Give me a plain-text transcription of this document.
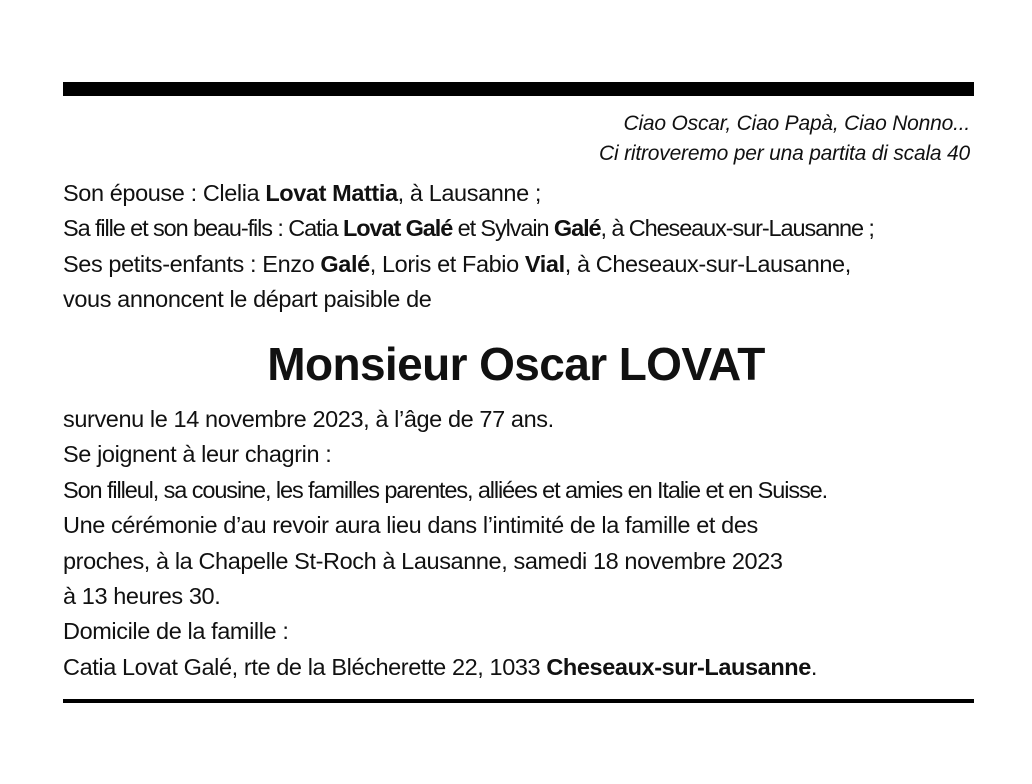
Ciao Oscar, Ciao Papà, Ciao Nonno...
Ci ritroveremo per una partita di scala 40
Son épouse : Clelia Lovat Mattia, à Lausanne ;
Sa fille et son beau-fils : Catia Lovat Galé et Sylvain Galé, à Cheseaux-sur-Lausanne ;
Ses petits-enfants : Enzo Galé, Loris et Fabio Vial, à Cheseaux-sur-Lausanne,
vous annoncent le départ paisible de
Monsieur Oscar LOVAT
survenu le 14 novembre 2023, à l’âge de 77 ans.
Se joignent à leur chagrin :
Son filleul, sa cousine, les familles parentes, alliées et amies en Italie et en Suisse.
Une cérémonie d’au revoir aura lieu dans l’intimité de la famille et des
proches, à la Chapelle St-Roch à Lausanne, samedi 18 novembre 2023
à 13 heures 30.
Domicile de la famille :
Catia Lovat Galé, rte de la Blécherette 22, 1033 Cheseaux-sur-Lausanne.
